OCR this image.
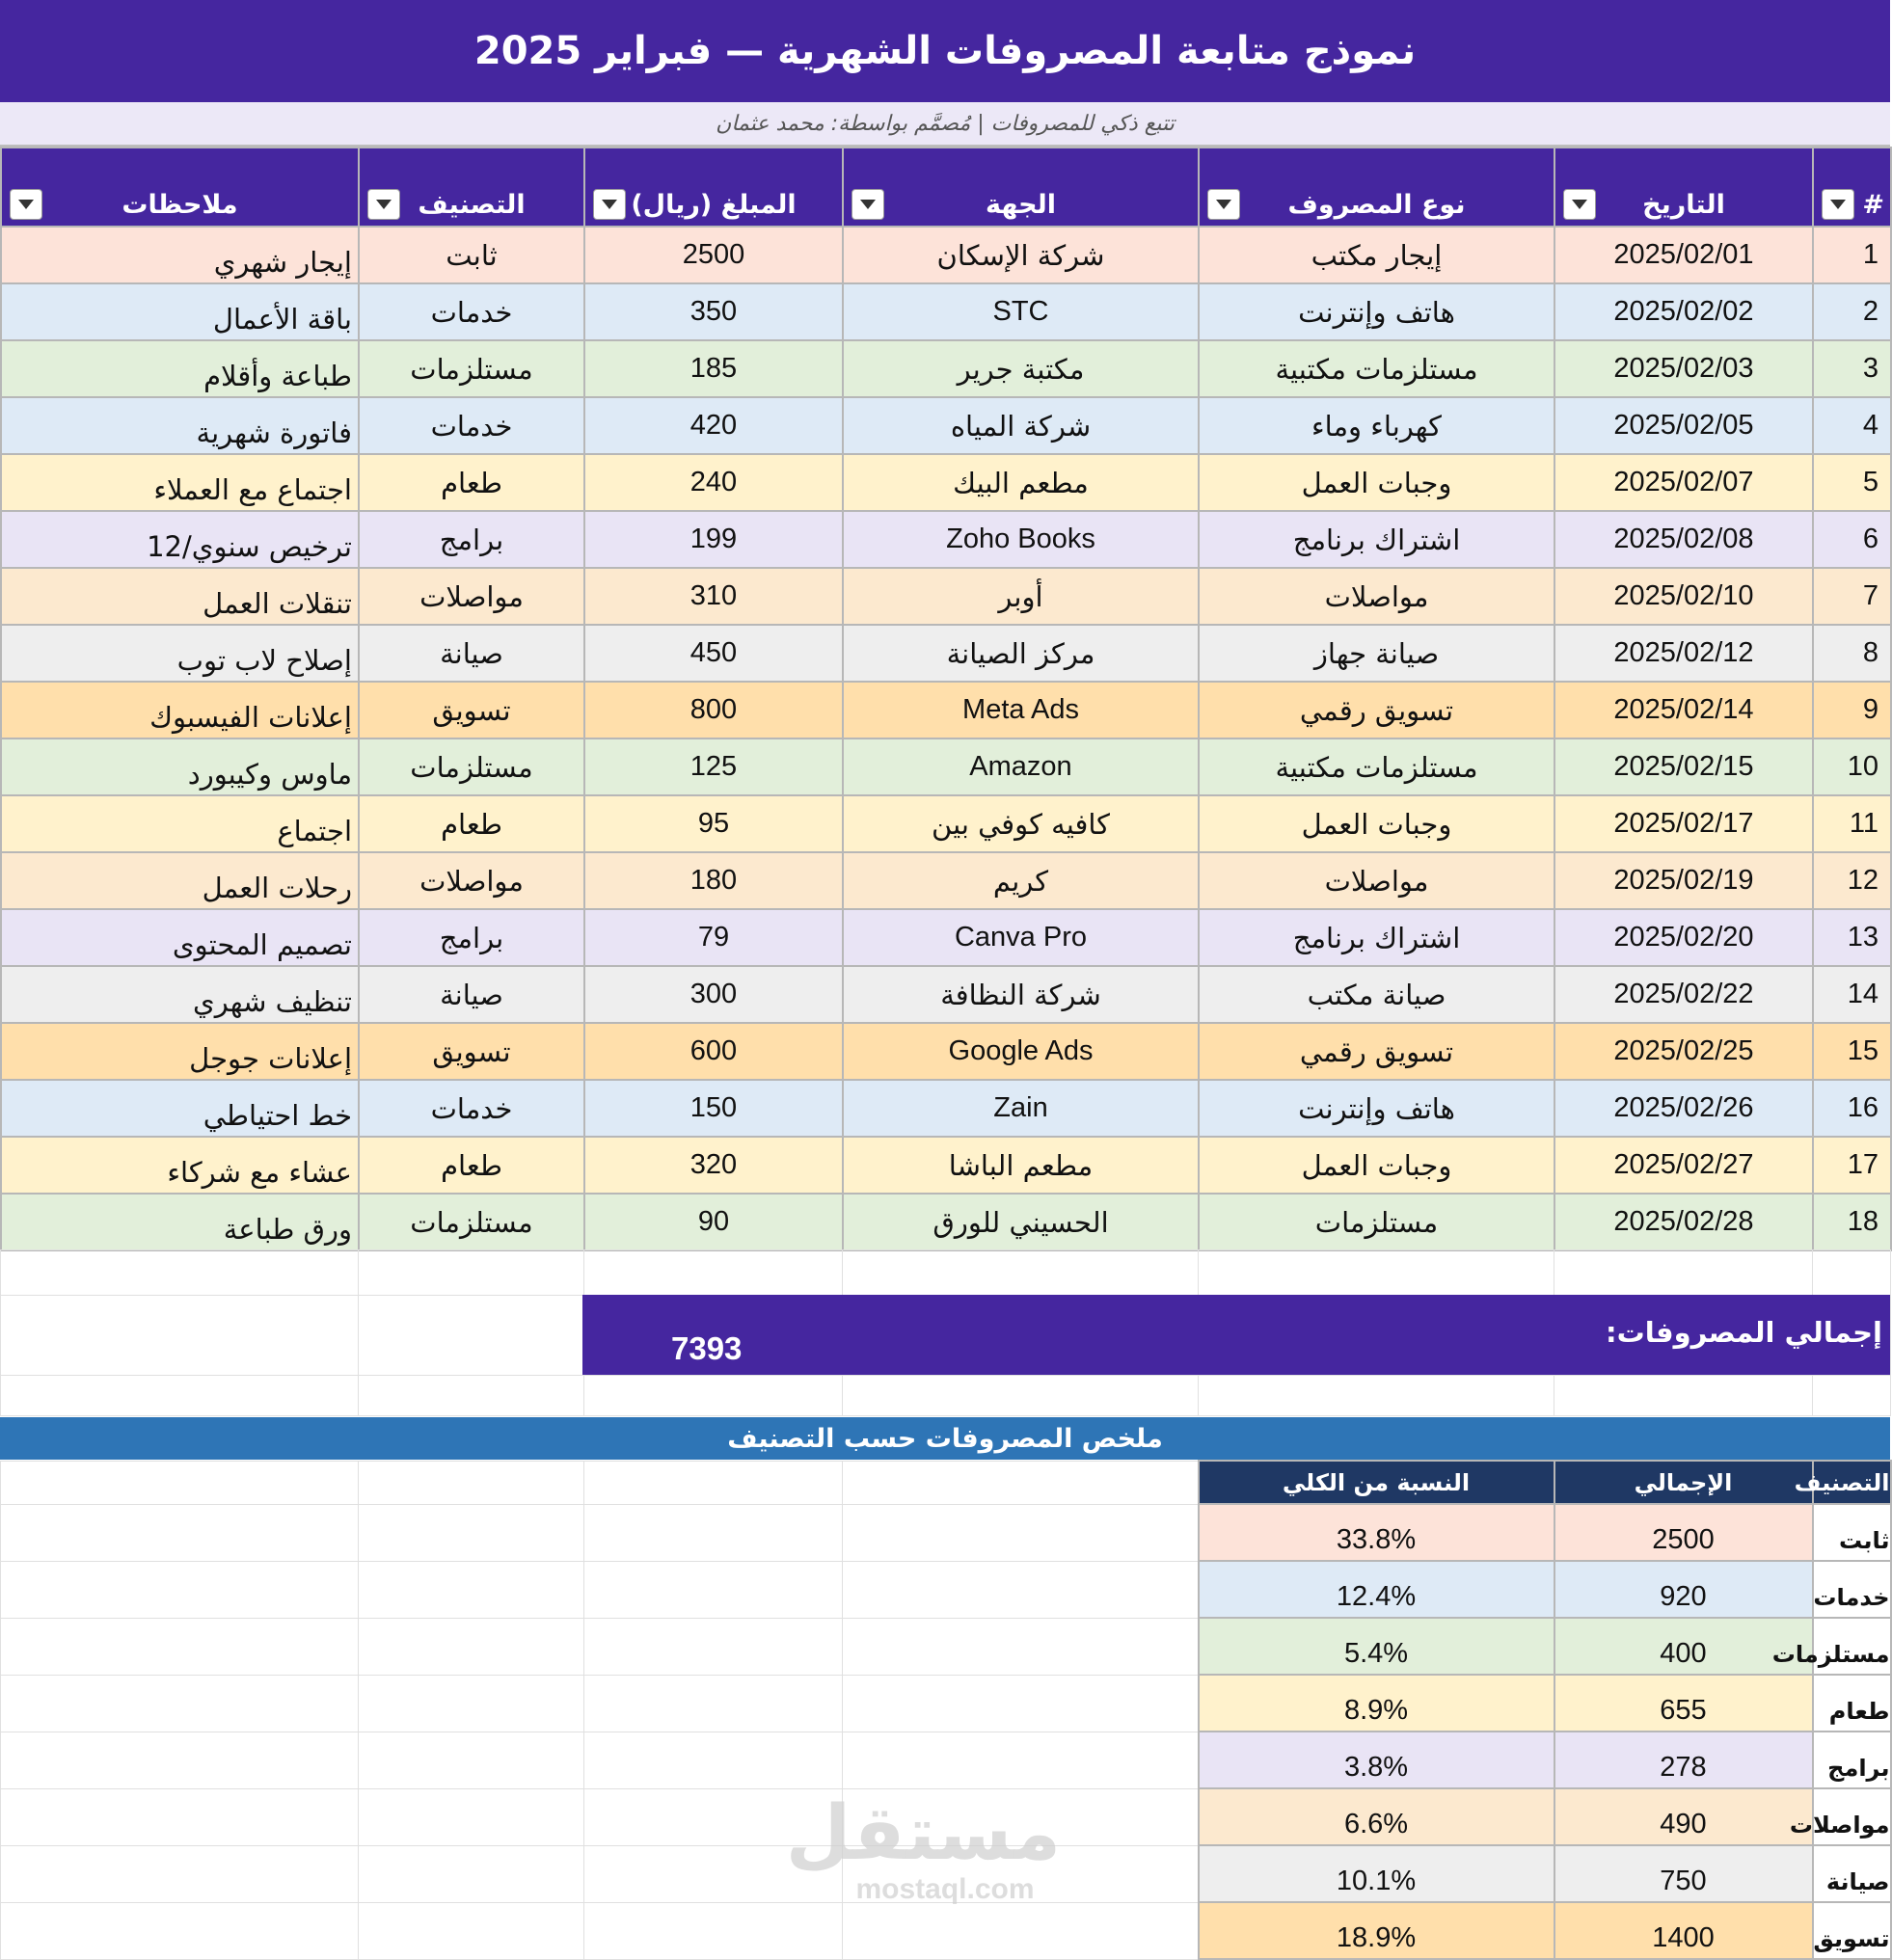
نموذج متابعة المصروفات الشهرية — فبراير 2025
تتبع ذكي للمصروفات | مُصمَّم بواسطة: محمد عثمان
ملاحظات	التصنيف	المبلغ (ريال)	الجهة	نوع المصروف	التاريخ	#

إيجار شهري	ثابت	2500	شركة الإسكان	إيجار مكتب	2025/02/01	1
باقة الأعمال	خدمات	350	STC	هاتف وإنترنت	2025/02/02	2
طباعة وأقلام	مستلزمات	185	مكتبة جرير	مستلزمات مكتبية	2025/02/03	3
فاتورة شهرية	خدمات	420	شركة المياه	كهرباء وماء	2025/02/05	4
اجتماع مع العملاء	طعام	240	مطعم البيك	وجبات العمل	2025/02/07	5
ترخيص سنوي/12	برامج	199	Zoho Books	اشتراك برنامج	2025/02/08	6
تنقلات العمل	مواصلات	310	أوبر	مواصلات	2025/02/10	7
إصلاح لاب توب	صيانة	450	مركز الصيانة	صيانة جهاز	2025/02/12	8
إعلانات الفيسبوك	تسويق	800	Meta Ads	تسويق رقمي	2025/02/14	9
ماوس وكيبورد	مستلزمات	125	Amazon	مستلزمات مكتبية	2025/02/15	10
اجتماع	طعام	95	كافيه كوفي بين	وجبات العمل	2025/02/17	11
رحلات العمل	مواصلات	180	كريم	مواصلات	2025/02/19	12
تصميم المحتوى	برامج	79	Canva Pro	اشتراك برنامج	2025/02/20	13
تنظيف شهري	صيانة	300	شركة النظافة	صيانة مكتب	2025/02/22	14
إعلانات جوجل	تسويق	600	Google Ads	تسويق رقمي	2025/02/25	15
خط احتياطي	خدمات	150	Zain	هاتف وإنترنت	2025/02/26	16
عشاء مع شركاء	طعام	320	مطعم الباشا	وجبات العمل	2025/02/27	17
ورق طباعة	مستلزمات	90	الحسيني للورق	مستلزمات	2025/02/28	18

إجمالي المصروفات:
7393
ملخص المصروفات حسب التصنيف
				النسبة من الكلي	الإجمالي	التصنيف
				33.8%	2500	ثابت
				12.4%	920	خدمات
				5.4%	400	مستلزمات
				8.9%	655	طعام
				3.8%	278	برامج
				6.6%	490	مواصلات
				10.1%	750	صيانة
				18.9%	1400	تسويق
مستقل
mostaql.com
